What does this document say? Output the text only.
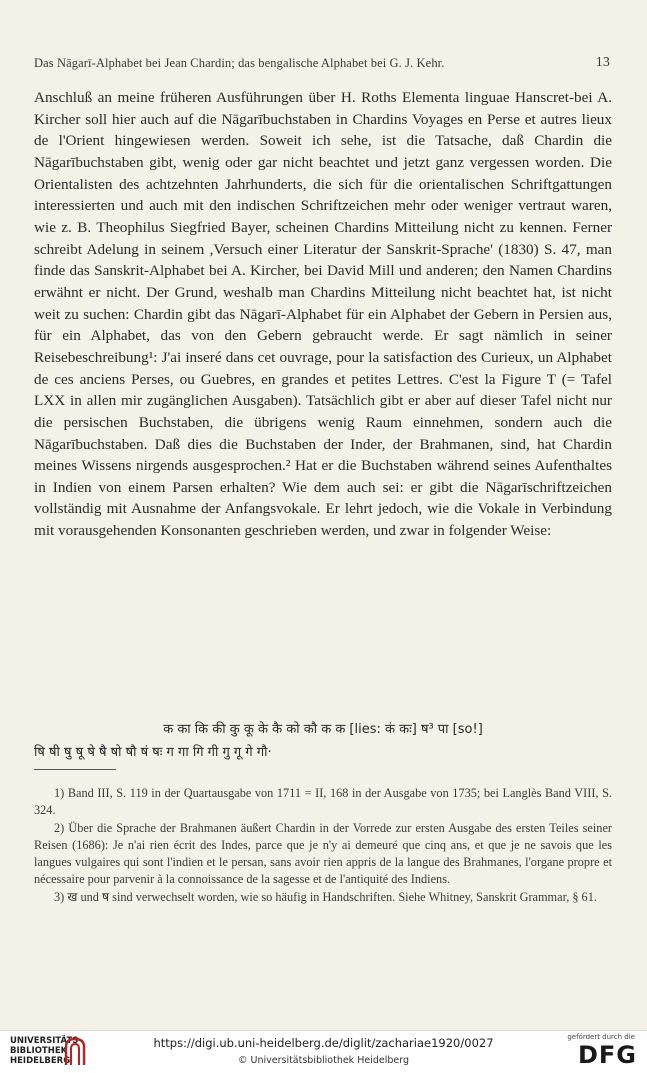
Das Nāgarī-Alphabet bei Jean Chardin; das bengalische Alphabet bei G. J. Kehr.	13

Anschluß an meine früheren Ausführungen über H. Roths Elementa linguae Hanscret-bei A. Kircher soll hier auch auf die Nāgarībuchstaben in Chardins Voyages en Perse et autres lieux de l'Orient hingewiesen werden. Soweit ich sehe, ist die Tatsache, daß Chardin die Nāgarībuchstaben gibt, wenig oder gar nicht beachtet und jetzt ganz vergessen worden. Die Orientalisten des achtzehnten Jahrhunderts, die sich für die orientalischen Schriftgattungen interessierten und auch mit den indischen Schriftzeichen mehr oder weniger vertraut waren, wie z. B. Theophilus Siegfried Bayer, scheinen Chardins Mitteilung nicht zu kennen. Ferner schreibt Adelung in seinem ,Versuch einer Literatur der Sanskrit-Sprache' (1830) S. 47, man finde das Sanskrit-Alphabet bei A. Kircher, bei David Mill und anderen; den Namen Chardins erwähnt er nicht. Der Grund, weshalb man Chardins Mitteilung nicht beachtet hat, ist nicht weit zu suchen: Chardin gibt das Nāgarī-Alphabet für ein Alphabet der Gebern in Persien aus, für ein Alphabet, das von den Gebern gebraucht werde. Er sagt nämlich in seiner Reisebeschreibung¹: J'ai inseré dans cet ouvrage, pour la satisfaction des Curieux, un Alphabet de ces anciens Perses, ou Guebres, en grandes et petites Lettres. C'est la Figure T (= Tafel LXX in allen mir zugänglichen Ausgaben). Tatsächlich gibt er aber auf dieser Tafel nicht nur die persischen Buchstaben, die übrigens wenig Raum einnehmen, sondern auch die Nāgarībuchstaben. Daß dies die Buchstaben der Inder, der Brahmanen, sind, hat Chardin meines Wissens nirgends ausgesprochen.² Hat er die Buchstaben während seines Aufenthaltes in Indien von einem Parsen erhalten? Wie dem auch sei: er gibt die Nāgarīschriftzeichen vollständig mit Ausnahme der Anfangsvokale. Er lehrt jedoch, wie die Vokale in Verbindung mit vorausgehenden Konsonanten geschrieben werden, und zwar in folgender Weise:

क का कि की कु कू के कै को कौ क क [lies: कं कः] ष³ पा [so!]
षि षी षु षू षे षै षो षौ षं षः ग गा गि गी गु गू गे गौ·

1) Band III, S. 119 in der Quartausgabe von 1711 = II, 168 in der Ausgabe von 1735; bei Langlès Band VIII, S. 324.

2) Über die Sprache der Brahmanen äußert Chardin in der Vorrede zur ersten Ausgabe des ersten Teiles seiner Reisen (1686): Je n'ai rien écrit des Indes, parce que je n'y ai demeuré que cinq ans, et que je ne savois que les langues vulgaires qui sont l'indien et le persan, sans avoir rien appris de la langue des Brahmanes, l'organe propre et nécessaire pour parvenir à la connoissance de la sagesse et de l'antiquité des Indiens.

3) ख und ष sind verwechselt worden, wie so häufig in Handschriften. Siehe Whitney, Sanskrit Grammar, § 61.

UNIVERSITÄTS-
BIBLIOTHEK
HEIDELBERG
https://digi.ub.uni-heidelberg.de/diglit/zachariae1920/0027
© Universitätsbibliothek Heidelberg
gefördert durch die
DFG
